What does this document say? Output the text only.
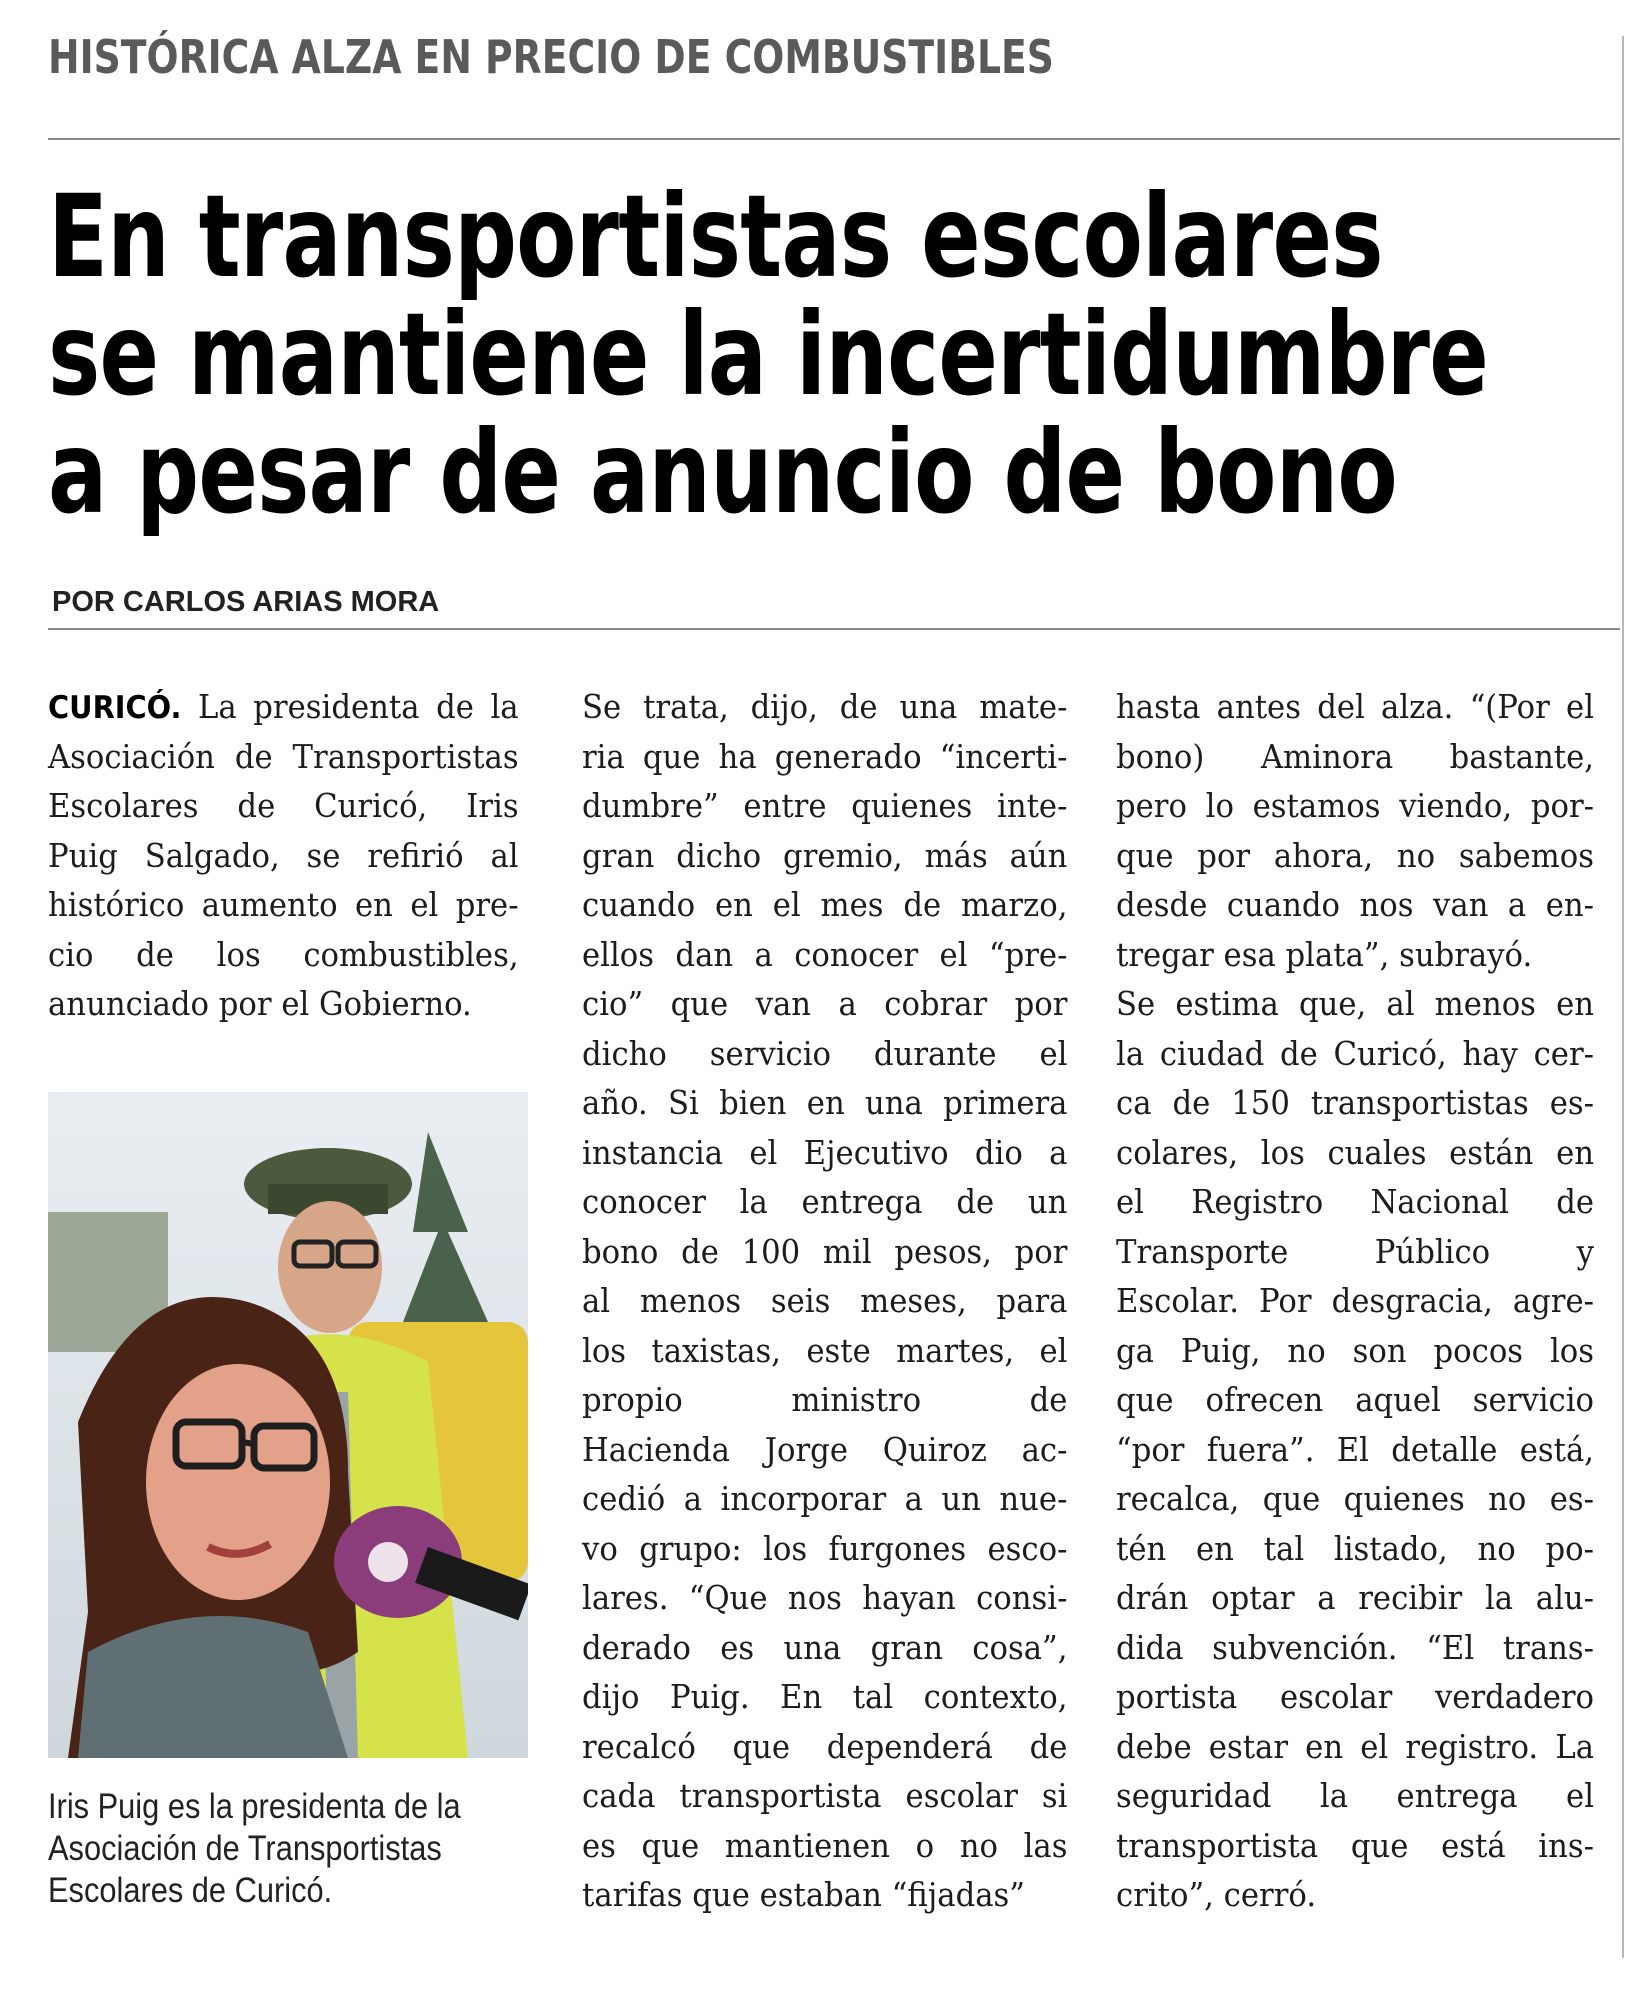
HISTÓRICA ALZA EN PRECIO DE COMBUSTIBLES
En transportistas escolares
se mantiene la incertidumbre
a pesar de anuncio de bono
POR CARLOS ARIAS MORA
CURICÓ. La presidenta de la
Asociación de Transportistas
Escolares de Curicó, Iris
Puig Salgado, se refirió al
histórico aumento en el pre-
cio de los combustibles,
anunciado por el Gobierno.
Iris Puig es la presidenta de la
Asociación de Transportistas
Escolares de Curicó.
Se trata, dijo, de una mate-
ria que ha generado “incerti-
dumbre” entre quienes inte-
gran dicho gremio, más aún
cuando en el mes de marzo,
ellos dan a conocer el “pre-
cio” que van a cobrar por
dicho servicio durante el
año. Si bien en una primera
instancia el Ejecutivo dio a
conocer la entrega de un
bono de 100 mil pesos, por
al menos seis meses, para
los taxistas, este martes, el
propio ministro de
Hacienda Jorge Quiroz ac-
cedió a incorporar a un nue-
vo grupo: los furgones esco-
lares. “Que nos hayan consi-
derado es una gran cosa”,
dijo Puig. En tal contexto,
recalcó que dependerá de
cada transportista escolar si
es que mantienen o no las
tarifas que estaban “fijadas”
hasta antes del alza. “(Por el
bono) Aminora bastante,
pero lo estamos viendo, por-
que por ahora, no sabemos
desde cuando nos van a en-
tregar esa plata”, subrayó.
Se estima que, al menos en
la ciudad de Curicó, hay cer-
ca de 150 transportistas es-
colares, los cuales están en
el Registro Nacional de
Transporte Público y
Escolar. Por desgracia, agre-
ga Puig, no son pocos los
que ofrecen aquel servicio
“por fuera”. El detalle está,
recalca, que quienes no es-
tén en tal listado, no po-
drán optar a recibir la alu-
dida subvención. “El trans-
portista escolar verdadero
debe estar en el registro. La
seguridad la entrega el
transportista que está ins-
crito”, cerró.
